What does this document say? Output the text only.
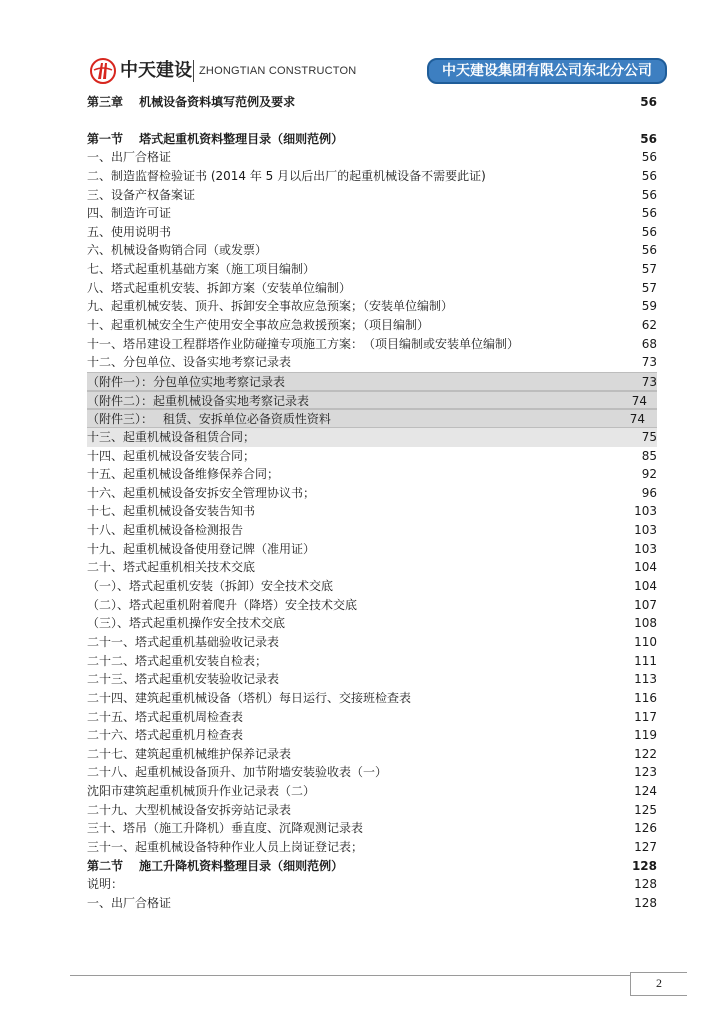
中天建设 ZHONGTIAN CONSTRUCTON	中天建设集团有限公司东北分公司
第三章　 机械设备资料填写范例及要求	56
第一节　 塔式起重机资料整理目录（细则范例）	56
一、出厂合格证	56
二、制造监督检验证书 (2014 年 5 月以后出厂的起重机械设备不需要此证)	56
三、设备产权备案证	56
四、制造许可证	56
五、使用说明书	56
六、机械设备购销合同（或发票）	56
七、塔式起重机基础方案（施工项目编制）	57
八、塔式起重机安装、拆卸方案（安装单位编制）	57
九、起重机械安装、顶升、拆卸安全事故应急预案；（安装单位编制）	59
十、起重机械安全生产使用安全事故应急救援预案；（项目编制）	62
十一、塔吊建设工程群塔作业防碰撞专项施工方案：　（项目编制或安装单位编制）	68
十二、分包单位、设备实地考察记录表	73
（附件一）：分包单位实地考察记录表	73
（附件二）：起重机械设备实地考察记录表	74
（附件三）：　 租赁、安拆单位必备资质性资料	74
十三、起重机械设备租赁合同；	75
十四、起重机械设备安装合同；	85
十五、起重机械设备维修保养合同；	92
十六、起重机械设备安拆安全管理协议书；	96
十七、起重机械设备安装告知书	103
十八、起重机械设备检测报告	103
十九、起重机械设备使用登记牌（准用证）	103
二十、塔式起重机相关技术交底	104
（一）、塔式起重机安装（拆卸）安全技术交底	104
（二）、塔式起重机附着爬升（降塔）安全技术交底	107
（三）、塔式起重机操作安全技术交底	108
二十一、塔式起重机基础验收记录表	110
二十二、塔式起重机安装自检表；	111
二十三、塔式起重机安装验收记录表	113
二十四、建筑起重机械设备（塔机）每日运行、交接班检查表	116
二十五、塔式起重机周检查表	117
二十六、塔式起重机月检查表	119
二十七、建筑起重机械维护保养记录表	122
二十八、起重机械设备顶升、加节附墙安装验收表（一）	123
沈阳市建筑起重机械顶升作业记录表（二）	124
二十九、大型机械设备安拆旁站记录表	125
三十、塔吊（施工升降机）垂直度、沉降观测记录表	126
三十一、起重机械设备特种作业人员上岗证登记表；	127
第二节　 施工升降机资料整理目录（细则范例）	128
说明：	128
一、出厂合格证	128
2
